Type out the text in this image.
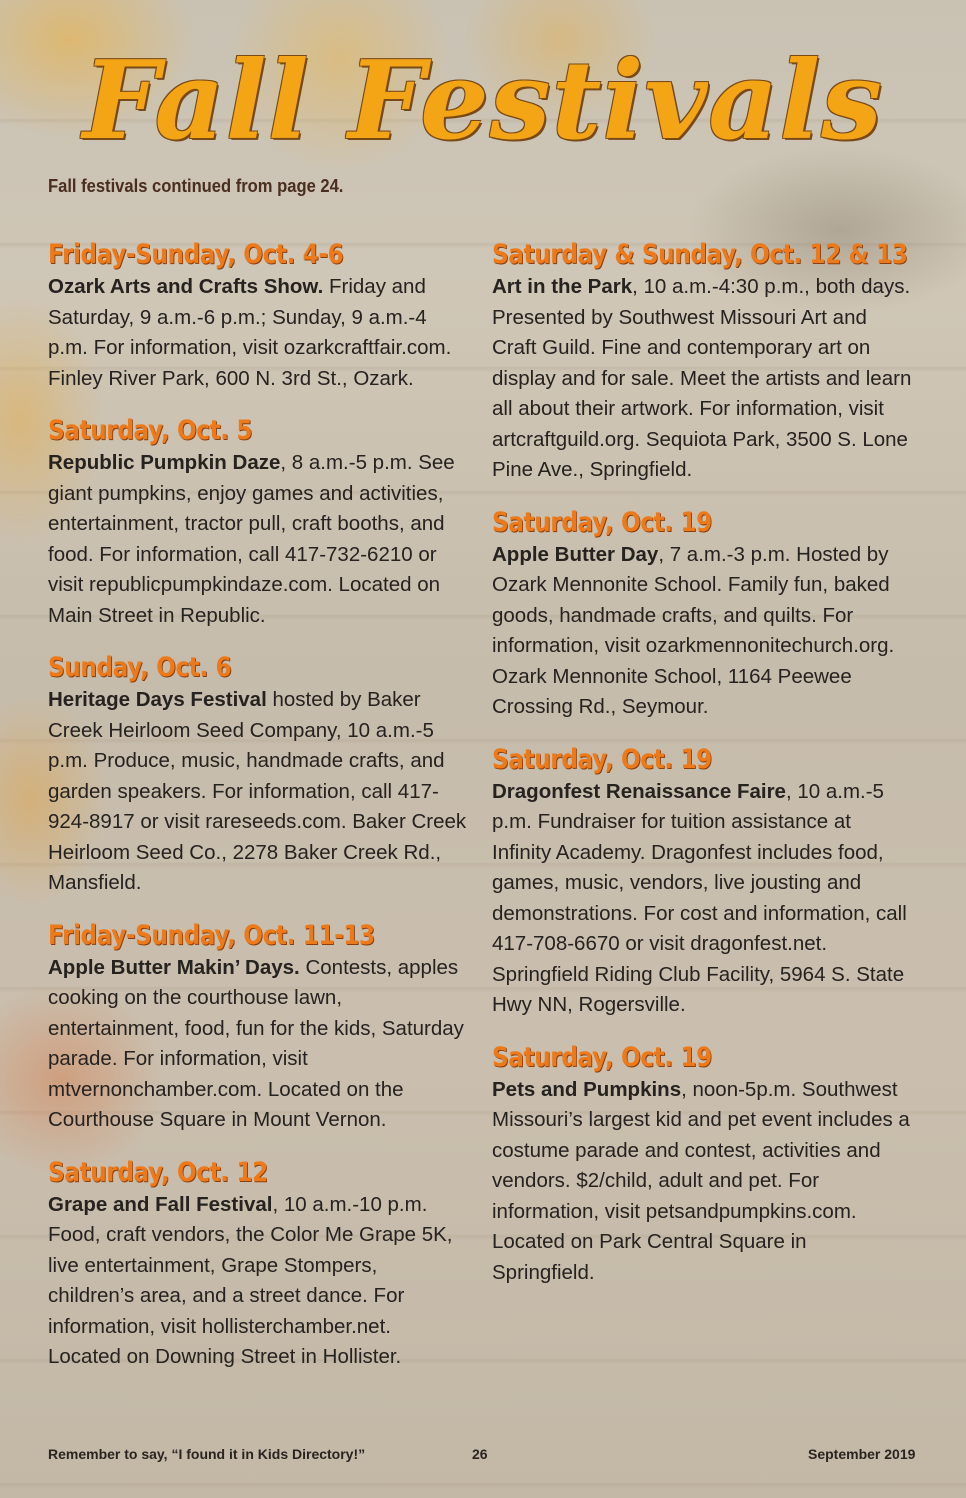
Fall Festivals
Fall festivals continued from page 24.
Friday-Sunday, Oct. 4-6
Ozark Arts and Crafts Show. Friday and Saturday, 9 a.m.-6 p.m.; Sunday, 9 a.m.-4 p.m. For information, visit ozarkcraftfair.com. Finley River Park, 600 N. 3rd St., Ozark.
Saturday, Oct. 5
Republic Pumpkin Daze, 8 a.m.-5 p.m. See giant pumpkins, enjoy games and activities, entertainment, tractor pull, craft booths, and food. For information, call 417-732-6210 or visit republicpumpkindaze.com. Located on Main Street in Republic.
Sunday, Oct. 6
Heritage Days Festival hosted by Baker Creek Heirloom Seed Company, 10 a.m.-5 p.m. Produce, music, handmade crafts, and garden speakers. For information, call 417-924-8917 or visit rareseeds.com. Baker Creek Heirloom Seed Co., 2278 Baker Creek Rd., Mansfield.
Friday-Sunday, Oct. 11-13
Apple Butter Makin’ Days. Contests, apples cooking on the courthouse lawn, entertainment, food, fun for the kids, Saturday parade. For information, visit mtvernonchamber.com. Located on the Courthouse Square in Mount Vernon.
Saturday, Oct. 12
Grape and Fall Festival, 10 a.m.-10 p.m. Food, craft vendors, the Color Me Grape 5K, live entertainment, Grape Stompers, children’s area, and a street dance. For information, visit hollisterchamber.net. Located on Downing Street in Hollister.
Saturday & Sunday, Oct. 12 & 13
Art in the Park, 10 a.m.-4:30 p.m., both days. Presented by Southwest Missouri Art and Craft Guild. Fine and contemporary art on display and for sale. Meet the artists and learn all about their artwork. For information, visit artcraftguild.org. Sequiota Park, 3500 S. Lone Pine Ave., Springfield.
Saturday, Oct. 19
Apple Butter Day, 7 a.m.-3 p.m. Hosted by Ozark Mennonite School. Family fun, baked goods, handmade crafts, and quilts. For information, visit ozarkmennonitechurch.org. Ozark Mennonite School, 1164 Peewee Crossing Rd., Seymour.
Saturday, Oct. 19
Dragonfest Renaissance Faire, 10 a.m.-5 p.m. Fundraiser for tuition assistance at Infinity Academy. Dragonfest includes food, games, music, vendors, live jousting and demonstrations. For cost and information, call 417-708-6670 or visit dragonfest.net. Springfield Riding Club Facility, 5964 S. State Hwy NN, Rogersville.
Saturday, Oct. 19
Pets and Pumpkins, noon-5p.m. Southwest Missouri’s largest kid and pet event includes a costume parade and contest, activities and vendors. $2/child, adult and pet. For information, visit petsandpumpkins.com. Located on Park Central Square in Springfield.
Remember to say, “I found it in Kids Directory!”	26	September 2019
